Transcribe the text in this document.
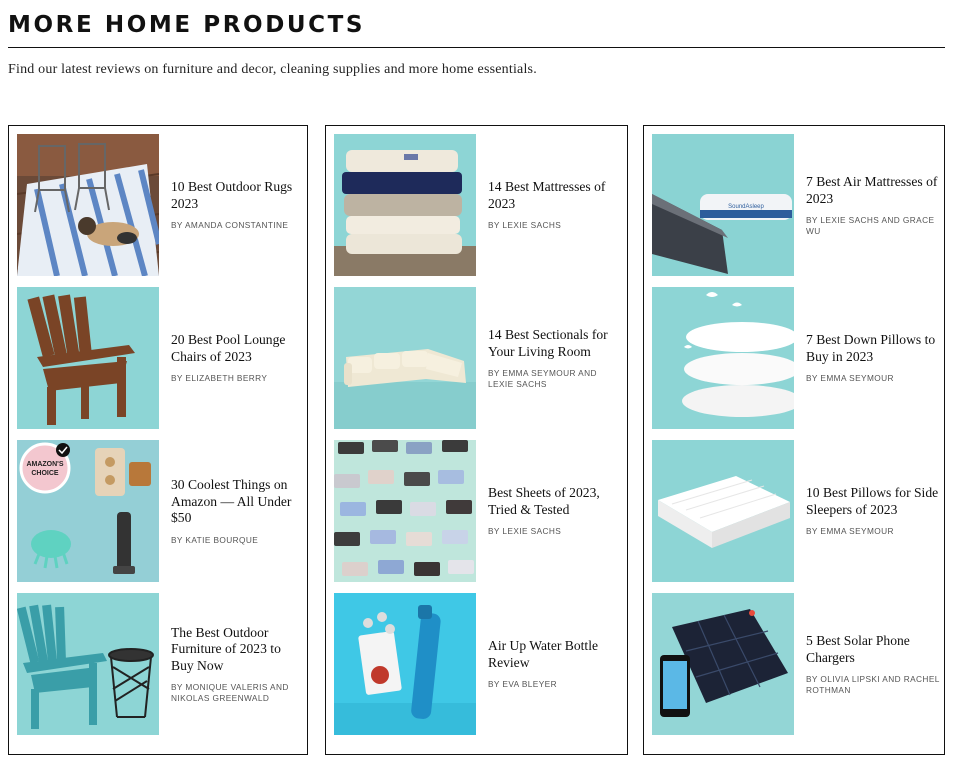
MORE HOME PRODUCTS
Find our latest reviews on furniture and decor, cleaning supplies and more home essentials.
10 Best Outdoor Rugs 2023
BY AMANDA CONSTANTINE
20 Best Pool Lounge Chairs of 2023
BY ELIZABETH BERRY
AMAZON'S
CHOICE
30 Coolest Things on Amazon — All Under $50
BY KATIE BOURQUE
The Best Outdoor Furniture of 2023 to Buy Now
BY MONIQUE VALERIS AND NIKOLAS GREENWALD
14 Best Mattresses of 2023
BY LEXIE SACHS
14 Best Sectionals for Your Living Room
BY EMMA SEYMOUR AND LEXIE SACHS
Best Sheets of 2023, Tried & Tested
BY LEXIE SACHS
Air Up Water Bottle Review
BY EVA BLEYER
SoundAsleep
7 Best Air Mattresses of 2023
BY LEXIE SACHS AND GRACE WU
7 Best Down Pillows to Buy in 2023
BY EMMA SEYMOUR
10 Best Pillows for Side Sleepers of 2023
BY EMMA SEYMOUR
5 Best Solar Phone Chargers
BY OLIVIA LIPSKI AND RACHEL ROTHMAN
